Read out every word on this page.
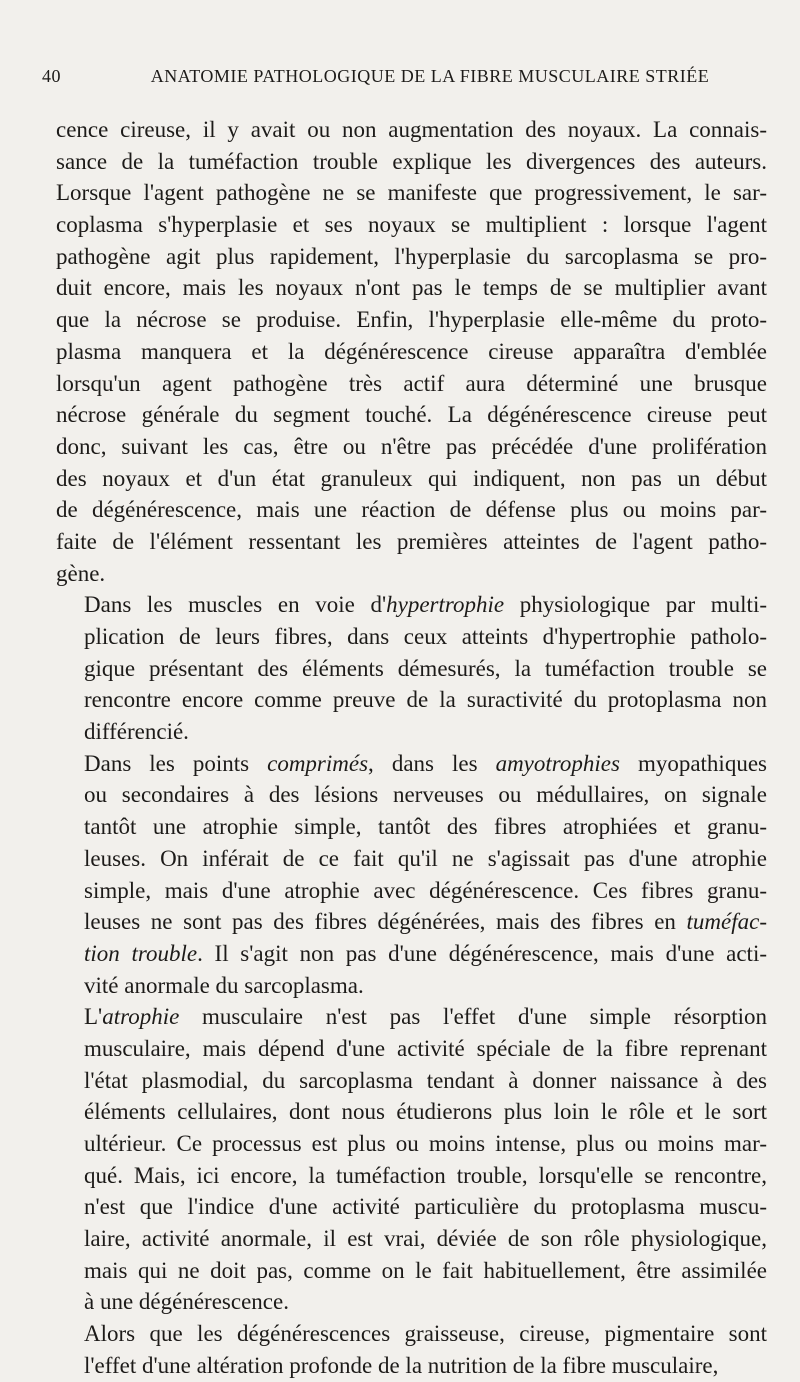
40	ANATOMIE PATHOLOGIQUE DE LA FIBRE MUSCULAIRE STRIÉE

cence cireuse, il y avait ou non augmentation des noyaux. La connais-
sance de la tuméfaction trouble explique les divergences des auteurs.
Lorsque l'agent pathogène ne se manifeste que progressivement, le sar-
coplasma s'hyperplasie et ses noyaux se multiplient : lorsque l'agent
pathogène agit plus rapidement, l'hyperplasie du sarcoplasma se pro-
duit encore, mais les noyaux n'ont pas le temps de se multiplier avant
que la nécrose se produise. Enfin, l'hyperplasie elle-même du proto-
plasma manquera et la dégénérescence cireuse apparaîtra d'emblée
lorsqu'un agent pathogène très actif aura déterminé une brusque
nécrose générale du segment touché. La dégénérescence cireuse peut
donc, suivant les cas, être ou n'être pas précédée d'une prolifération
des noyaux et d'un état granuleux qui indiquent, non pas un début
de dégénérescence, mais une réaction de défense plus ou moins par-
faite de l'élément ressentant les premières atteintes de l'agent patho-
gène.

Dans les muscles en voie d'hypertrophie physiologique par multi-
plication de leurs fibres, dans ceux atteints d'hypertrophie patholo-
gique présentant des éléments démesurés, la tuméfaction trouble se
rencontre encore comme preuve de la suractivité du protoplasma non
différencié.

Dans les points comprimés, dans les amyotrophies myopathiques
ou secondaires à des lésions nerveuses ou médullaires, on signale
tantôt une atrophie simple, tantôt des fibres atrophiées et granu-
leuses. On inférait de ce fait qu'il ne s'agissait pas d'une atrophie
simple, mais d'une atrophie avec dégénérescence. Ces fibres granu-
leuses ne sont pas des fibres dégénérées, mais des fibres en tuméfac-
tion trouble. Il s'agit non pas d'une dégénérescence, mais d'une acti-
vité anormale du sarcoplasma.

L'atrophie musculaire n'est pas l'effet d'une simple résorption
musculaire, mais dépend d'une activité spéciale de la fibre reprenant
l'état plasmodial, du sarcoplasma tendant à donner naissance à des
éléments cellulaires, dont nous étudierons plus loin le rôle et le sort
ultérieur. Ce processus est plus ou moins intense, plus ou moins mar-
qué. Mais, ici encore, la tuméfaction trouble, lorsqu'elle se rencontre,
n'est que l'indice d'une activité particulière du protoplasma muscu-
laire, activité anormale, il est vrai, déviée de son rôle physiologique,
mais qui ne doit pas, comme on le fait habituellement, être assimilée
à une dégénérescence.

Alors que les dégénérescences graisseuse, cireuse, pigmentaire sont
l'effet d'une altération profonde de la nutrition de la fibre musculaire,
